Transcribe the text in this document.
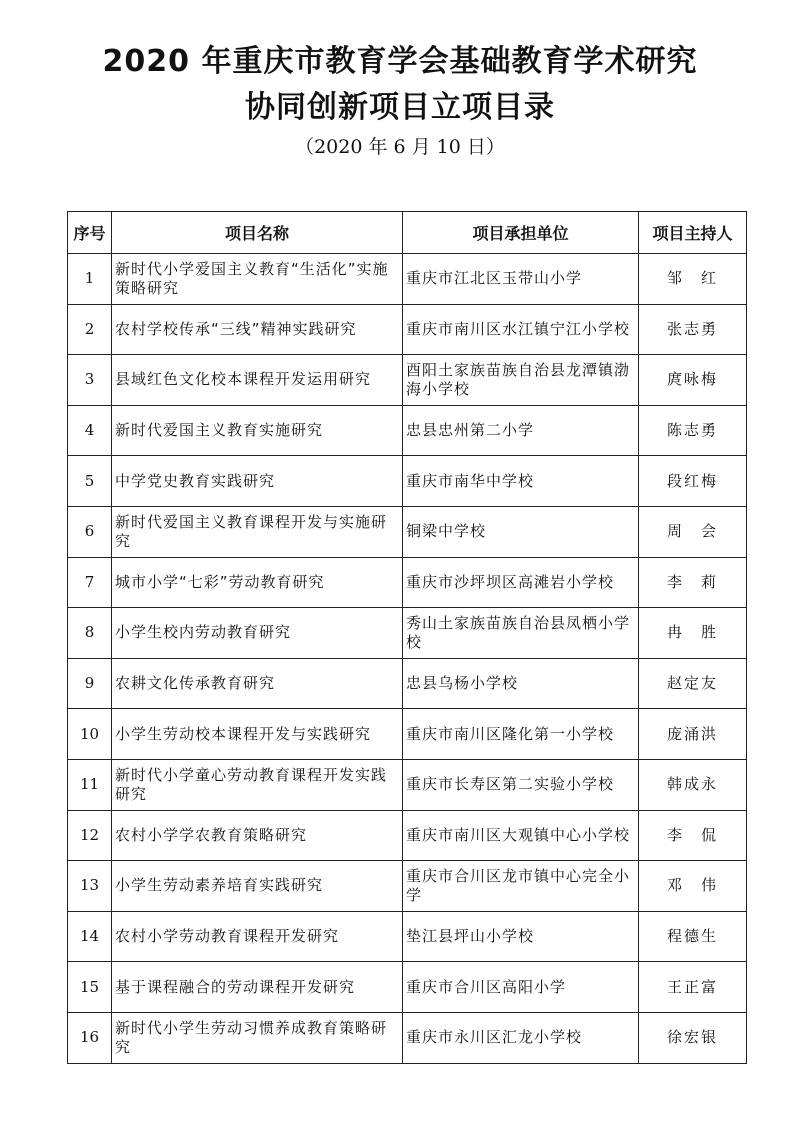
2020 年重庆市教育学会基础教育学术研究
协同创新项目立项目录
（2020 年 6 月 10 日）
序号	项目名称	项目承担单位	项目主持人
1	新时代小学爱国主义教育“生活化”实施策略研究	重庆市江北区玉带山小学	邹　红
2	农村学校传承“三线”精神实践研究	重庆市南川区水江镇宁江小学校	张志勇
3	县域红色文化校本课程开发运用研究	酉阳土家族苗族自治县龙潭镇渤海小学校	庹咏梅
4	新时代爱国主义教育实施研究	忠县忠州第二小学	陈志勇
5	中学党史教育实践研究	重庆市南华中学校	段红梅
6	新时代爱国主义教育课程开发与实施研究	铜梁中学校	周　会
7	城市小学“七彩”劳动教育研究	重庆市沙坪坝区高滩岩小学校	李　莉
8	小学生校内劳动教育研究	秀山土家族苗族自治县凤栖小学校	冉　胜
9	农耕文化传承教育研究	忠县乌杨小学校	赵定友
10	小学生劳动校本课程开发与实践研究	重庆市南川区隆化第一小学校	庞涌洪
11	新时代小学童心劳动教育课程开发实践研究	重庆市长寿区第二实验小学校	韩成永
12	农村小学学农教育策略研究	重庆市南川区大观镇中心小学校	李　侃
13	小学生劳动素养培育实践研究	重庆市合川区龙市镇中心完全小学	邓　伟
14	农村小学劳动教育课程开发研究	垫江县坪山小学校	程德生
15	基于课程融合的劳动课程开发研究	重庆市合川区高阳小学	王正富
16	新时代小学生劳动习惯养成教育策略研究	重庆市永川区汇龙小学校	徐宏银
